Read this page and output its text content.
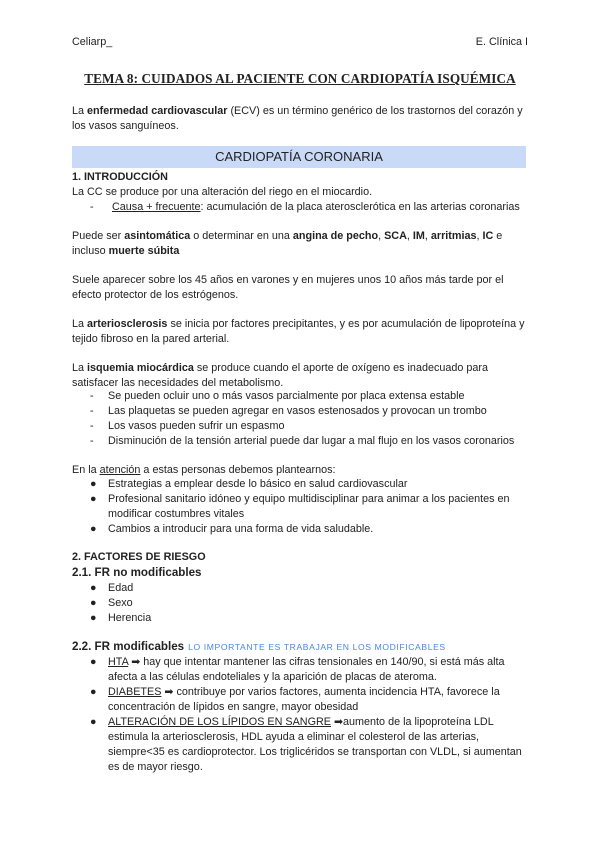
Celiarp_	E. Clínica I
TEMA 8: CUIDADOS AL PACIENTE CON CARDIOPATÍA ISQUÉMICA
La enfermedad cardiovascular (ECV) es un término genérico de los trastornos del corazón y los vasos sanguíneos.
CARDIOPATÍA CORONARIA
1. INTRODUCCIÓN
La CC se produce por una alteración del riego en el miocardio.
- Causa + frecuente: acumulación de la placa aterosclerótica en las arterias coronarias
Puede ser asintomática o determinar en una angina de pecho, SCA, IM, arritmias, IC e incluso muerte súbita
Suele aparecer sobre los 45 años en varones y en mujeres unos 10 años más tarde por el efecto protector de los estrógenos.
La arteriosclerosis se inicia por factores precipitantes, y es por acumulación de lipoproteína y tejido fibroso en la pared arterial.
La isquemia miocárdica se produce cuando el aporte de oxígeno es inadecuado para satisfacer las necesidades del metabolismo.
- Se pueden ocluir uno o más vasos parcialmente por placa extensa estable
- Las plaquetas se pueden agregar en vasos estenosados y provocan un trombo
- Los vasos pueden sufrir un espasmo
- Disminución de la tensión arterial puede dar lugar a mal flujo en los vasos coronarios
En la atención a estas personas debemos plantearnos:
● Estrategias a emplear desde lo básico en salud cardiovascular
● Profesional sanitario idóneo y equipo multidisciplinar para animar a los pacientes en modificar costumbres vitales
● Cambios a introducir para una forma de vida saludable.
2. FACTORES DE RIESGO
2.1. FR no modificables
● Edad
● Sexo
● Herencia
2.2. FR modificables LO IMPORTANTE ES TRABAJAR EN LOS MODIFICABLES
● HTA ➡ hay que intentar mantener las cifras tensionales en 140/90, si está más alta afecta a las células endoteliales y la aparición de placas de ateroma.
● DIABETES ➡ contribuye por varios factores, aumenta incidencia HTA, favorece la concentración de lípidos en sangre, mayor obesidad
● ALTERACIÓN DE LOS LÍPIDOS EN SANGRE ➡aumento de la lipoproteína LDL estimula la arteriosclerosis, HDL ayuda a eliminar el colesterol de las arterias, siempre<35 es cardioprotector. Los triglicéridos se transportan con VLDL, si aumentan es de mayor riesgo.
